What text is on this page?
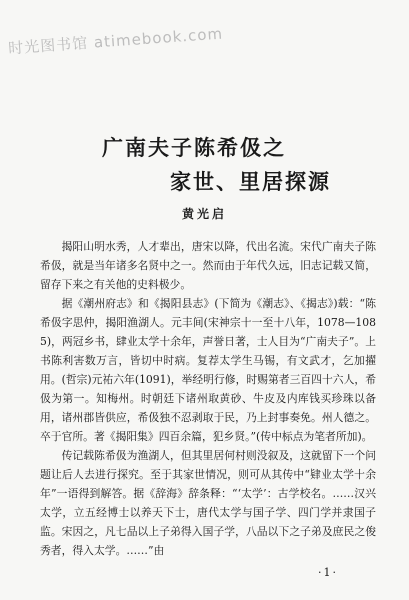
时光图书馆 atimebook.com
广南夫子陈希伋之
家世、里居探源
黄光启

揭阳山明水秀，人才辈出，唐宋以降，代出名流。宋代广南夫子陈希伋，就是当年诸多名贤中之一。然而由于年代久远，旧志记载又简，留存下来之有关他的史料极少。

据《潮州府志》和《揭阳县志》(下简为《潮志》、《揭志》)载：“陈希伋字思仲，揭阳渔湖人。元丰间(宋神宗十一至十八年，1078—1085)，两冠乡书，肆业太学十余年，声誉日著，士人目为“广南夫子”。上书陈利害数万言，皆切中时病。复荐太学生马锡，有文武才，乞加擢用。(哲宗)元祐六年(1091)，举经明行修，时赐第者三百四十六人，希伋为第一。知梅州。时朝廷下诸州取黄砂、牛皮及内库钱买珍珠以备用，诸州郡皆供应，希伋独不忍剥取于民，乃上封事奏免。州人德之。卒于官所。著《揭阳集》四百余篇，犯乡贤。”(传中标点为笔者所加)。

传记载陈希伋为渔湖人，但其里居何村则没叙及，这就留下一个问题让后人去进行探究。至于其家世情况，则可从其传中“肄业太学十余年”一语得到解答。据《辞海》辞条释：“‘太学’：古学校名。……汉兴太学，立五经博士以养天下士，唐代太学与国子学、四门学并隶国子监。宋因之，凡七品以上子弟得入国子学，八品以下之子弟及庶民之俊秀者，得入太学。……”由

·1·
